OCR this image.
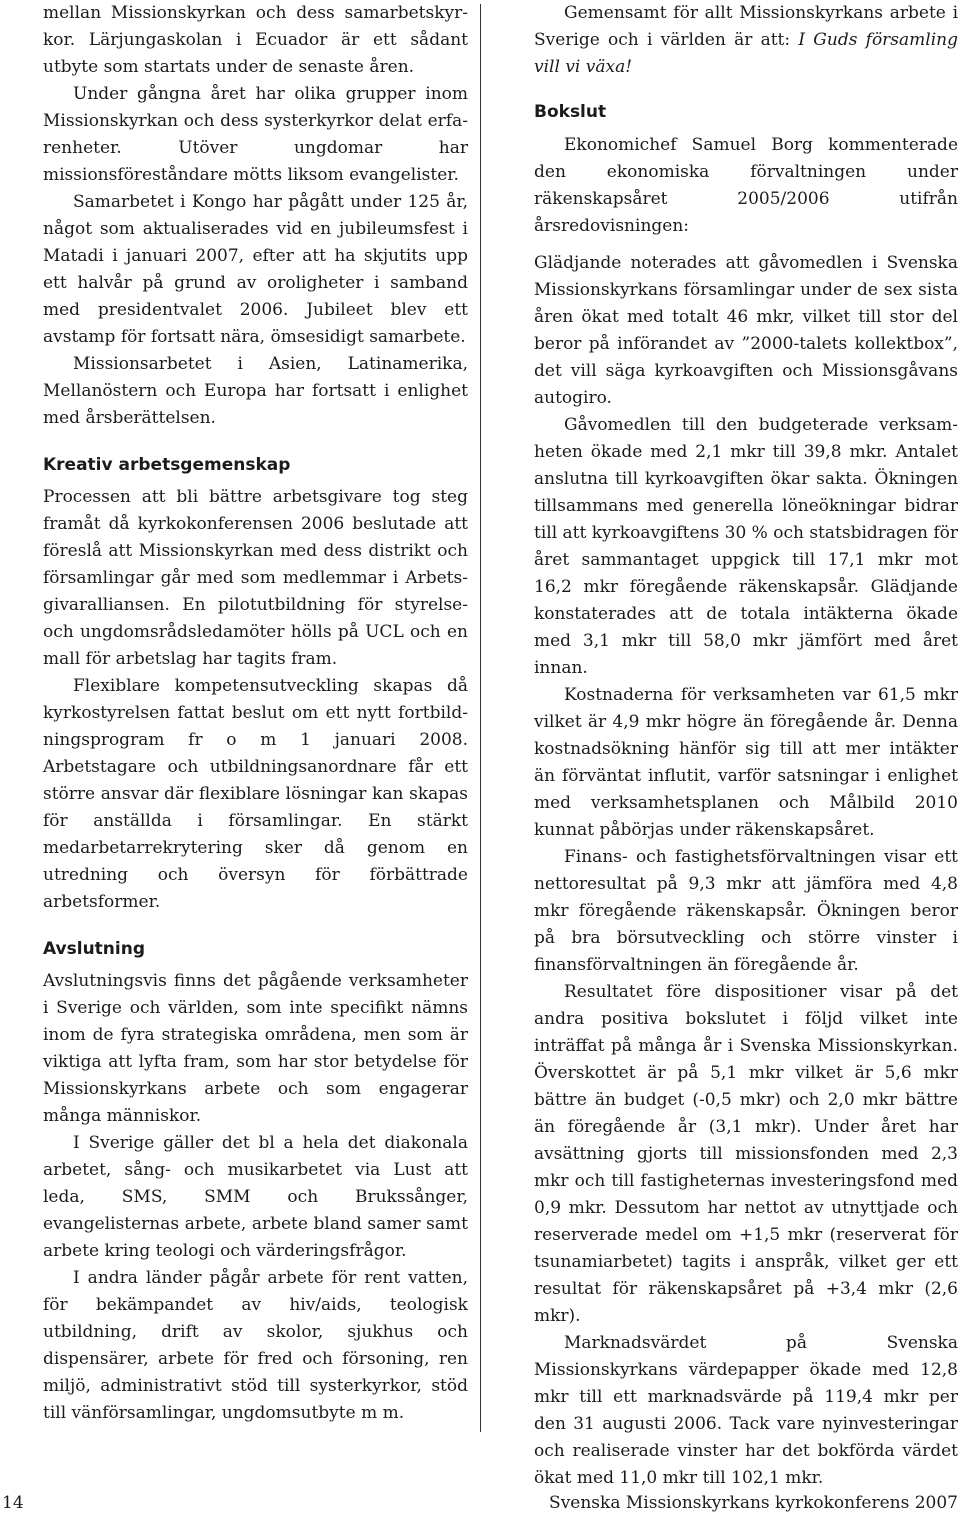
mellan Missionskyrkan och dess samarbetskyrkor. Lärjungaskolan i Ecuador är ett sådant utbyte som startats under de senaste åren.

Under gångna året har olika grupper inom Missionskyrkan och dess systerkyrkor delat erfarenheter. Utöver ungdomar har missionsföreståndare mötts liksom evangelister.

Samarbetet i Kongo har pågått under 125 år, något som aktualiserades vid en jubileumsfest i Matadi i januari 2007, efter att ha skjutits upp ett halvår på grund av oroligheter i samband med presidentvalet 2006. Jubileet blev ett avstamp för fortsatt nära, ömsesidigt samarbete.

Missionsarbetet i Asien, Latinamerika, Mellanöstern och Europa har fortsatt i enlighet med årsberättelsen.

Kreativ arbetsgemenskap

Processen att bli bättre arbetsgivare tog steg framåt då kyrkokonferensen 2006 beslutade att föreslå att Missionskyrkan med dess distrikt och församlingar går med som medlemmar i Arbetsgivaralliansen. En pilotutbildning för styrelse- och ungdomsrådsledamöter hölls på UCL och en mall för arbetslag har tagits fram.

Flexiblare kompetensutveckling skapas då kyrkostyrelsen fattat beslut om ett nytt fortbildningsprogram fr o m 1 januari 2008. Arbetstagare och utbildningsanordnare får ett större ansvar där flexiblare lösningar kan skapas för anställda i församlingar. En stärkt medarbetarrekrytering sker då genom en utredning och översyn för förbättrade arbetsformer.

Avslutning

Avslutningsvis finns det pågående verksamheter i Sverige och världen, som inte specifikt nämns inom de fyra strategiska områdena, men som är viktiga att lyfta fram, som har stor betydelse för Missionskyrkans arbete och som engagerar många människor.

I Sverige gäller det bl a hela det diakonala arbetet, sång- och musikarbetet via Lust att leda, SMS, SMM och Brukssånger, evangelisternas arbete, arbete bland samer samt arbete kring teologi och värderingsfrågor.

I andra länder pågår arbete för rent vatten, för bekämpandet av hiv/aids, teologisk utbildning, drift av skolor, sjukhus och dispensärer, arbete för fred och försoning, ren miljö, administrativt stöd till systerkyrkor, stöd till vänförsamlingar, ungdomsutbyte m m.

Gemensamt för allt Missionskyrkans arbete i Sverige och i världen är att: I Guds församling vill vi växa!

Bokslut

Ekonomichef Samuel Borg kommenterade den ekonomiska förvaltningen under räkenskapsåret 2005/2006 utifrån årsredovisningen:

Glädjande noterades att gåvomedlen i Svenska Missionskyrkans församlingar under de sex sista åren ökat med totalt 46 mkr, vilket till stor del beror på införandet av ”2000-talets kollektbox”, det vill säga kyrkoavgiften och Missionsgåvans autogiro.

Gåvomedlen till den budgeterade verksamheten ökade med 2,1 mkr till 39,8 mkr. Antalet anslutna till kyrkoavgiften ökar sakta. Ökningen tillsammans med generella löneökningar bidrar till att kyrkoavgiftens 30 % och statsbidragen för året sammantaget uppgick till 17,1 mkr mot 16,2 mkr föregående räkenskapsår. Glädjande konstaterades att de totala intäkterna ökade med 3,1 mkr till 58,0 mkr jämfört med året innan.

Kostnaderna för verksamheten var 61,5 mkr vilket är 4,9 mkr högre än föregående år. Denna kostnadsökning hänför sig till att mer intäkter än förväntat influtit, varför satsningar i enlighet med verksamhetsplanen och Målbild 2010 kunnat påbörjas under räkenskapsåret.

Finans- och fastighetsförvaltningen visar ett nettoresultat på 9,3 mkr att jämföra med 4,8 mkr föregående räkenskapsår. Ökningen beror på bra börsutveckling och större vinster i finansförvaltningen än föregående år.

Resultatet före dispositioner visar på det andra positiva bokslutet i följd vilket inte inträffat på många år i Svenska Missionskyrkan. Överskottet är på 5,1 mkr vilket är 5,6 mkr bättre än budget (-0,5 mkr) och 2,0 mkr bättre än föregående år (3,1 mkr). Under året har avsättning gjorts till missionsfonden med 2,3 mkr och till fastigheternas investeringsfond med 0,9 mkr. Dessutom har nettot av utnyttjade och reserverade medel om +1,5 mkr (reserverat för tsunamiarbetet) tagits i anspråk, vilket ger ett resultat för räkenskapsåret på +3,4 mkr (2,6 mkr).

Marknadsvärdet på Svenska Missionskyrkans värdepapper ökade med 12,8 mkr till ett marknadsvärde på 119,4 mkr per den 31 augusti 2006. Tack vare nyinvesteringar och realiserade vinster har det bokförda värdet ökat med 11,0 mkr till 102,1 mkr.

14	Svenska Missionskyrkans kyrkokonferens 2007
